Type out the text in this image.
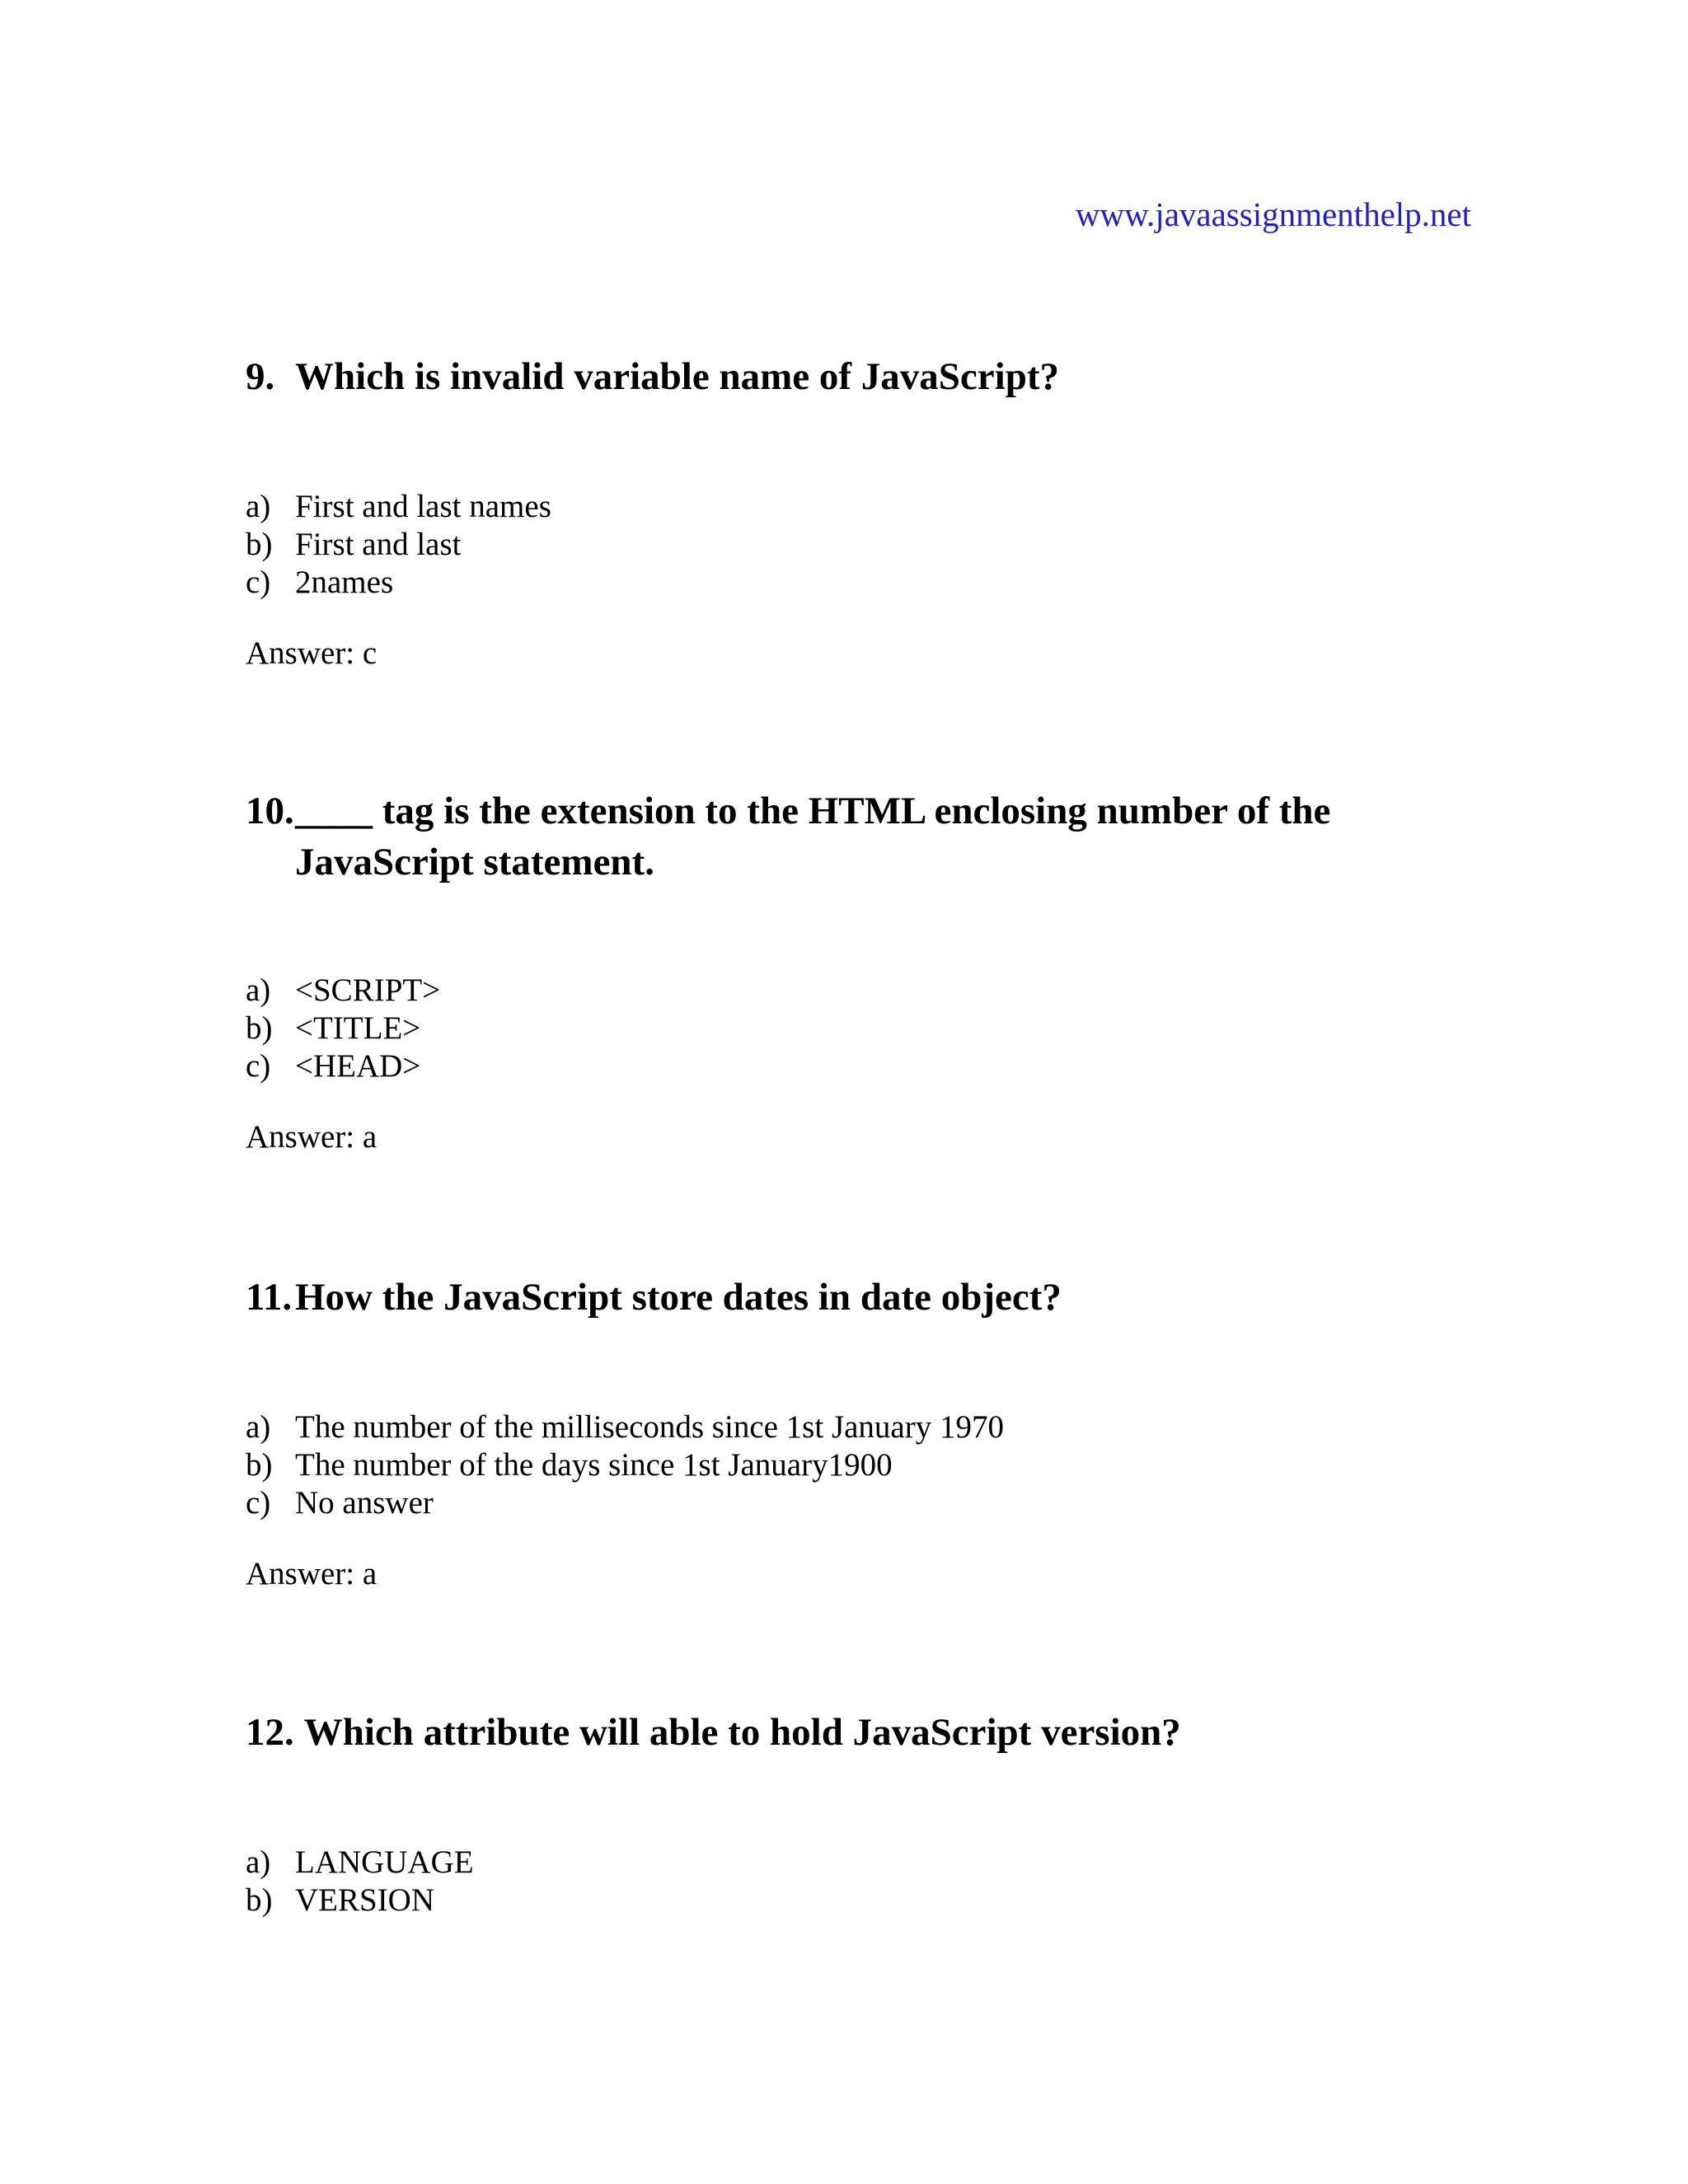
www.javaassignmenthelp.net
9. Which is invalid variable name of JavaScript?
a) First and last names
b) First and last
c) 2names

Answer: c

10. ____ tag is the extension to the HTML enclosing number of the JavaScript statement.
a) <SCRIPT>
b) <TITLE>
c) <HEAD>

Answer: a

11. How the JavaScript store dates in date object?
a) The number of the milliseconds since 1st January 1970
b) The number of the days since 1st January1900
c) No answer

Answer: a

12. Which attribute will able to hold JavaScript version?
a) LANGUAGE
b) VERSION
